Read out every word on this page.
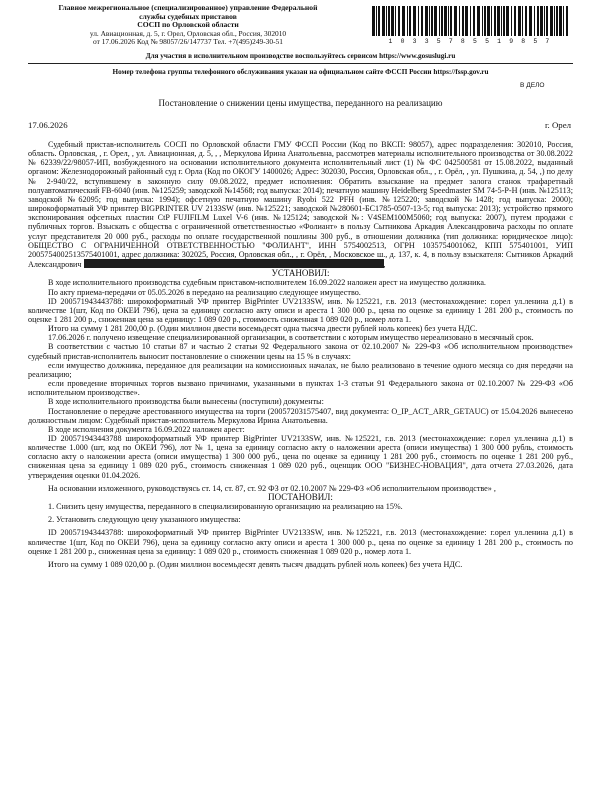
Главное межрегиональное (специализированное) управление Федеральной
службы судебных приставов
СОСП по Орловской области
ул. Авиационная, д. 5, г. Орел, Орловская обл., Россия, 302010
от 17.06.2026 Код № 98057/26/147737 Тел. +7(495)249-30-51	1 0 3 3 5 7 8 5 5 1 9 8 5 7
Для участия в исполнительном производстве воспользуйтесь сервисом https://www.gosuslugi.ru
Номер телефона группы телефонного обслуживания указан на официальном сайте ФССП России https://fssp.gov.ru
В ДЕЛО
Постановление о снижении цены имущества, переданного на реализацию
17.06.2026	г. Орел

Судебный пристав-исполнитель СОСП по Орловской области ГМУ ФССП России (Код по ВКСП: 98057), адрес подразделения: 302010, Россия, область. Орловская, , г. Орел, , ул. Авиационная, д. 5, , , Меркулова Ирина Анатольевна, рассмотрев материалы исполнительного производства от 30.08.2022 № 62339/22/98057-ИП, возбужденного на основании исполнительного документа исполнительный лист (1) № ФС 042500581 от 15.08.2022, выданный органом: Железнодорожный районный суд г. Орла (Код по ОКОГУ 1400026; Адрес: 302030, Россия, Орловская обл., , г. Орёл, , ул. Пушкина, д. 54, ,) по делу № 2-940/22, вступившему в законную силу 09.08.2022, предмет исполнения: Обратить взыскание на предмет залога станок трафаретный полуавтоматический FB-6040 (инв. №125259; заводской №14568; год выпуска: 2014); печатную машину Heidelberg Speedmaster SM 74-5-P-H (инв. №125113; заводской №62095; год выпуска: 1994); офсетную печатную машину Ryobi 522 PFH (инв. №125220; заводской №1428; год выпуска: 2000); широкоформатный УФ принтер BIGPRINTER UV 2133SW (инв. №125221; заводской №280601-БС1785-0507-13-5; год выпуска: 2013); устройство прямого экспонирования офсетных пластин CtP FUJIFILM Luxel V-6 (инв. №125124; заводской №: V4SEM100M5060; год выпуска: 2007), путем продажи с публичных торгов. Взыскать с общества с ограниченной ответственностью «Фолиант» в пользу Сытникова Аркадия Александровича расходы по оплате услуг представителя 20 000 руб., расходы по оплате государственной пошлины 300 руб., в отношении должника (тип должника: юридическое лицо): ОБЩЕСТВО С ОГРАНИЧЕННОЙ ОТВЕТСТВЕННОСТЬЮ "ФОЛИАНТ", ИНН 5754002513, ОГРН 1035754001062, КПП 575401001, УИП 2005754002513575401001, адрес должника: 302025, Россия, Орловская обл., , г. Орёл, , Московское ш., д. 137, к. 4, в пользу взыскателя: Сытников Аркадий Александрович	,

УСТАНОВИЛ:

В ходе исполнительного производства судебным приставом-исполнителем 16.09.2022 наложен арест на имущество должника.

По акту приема-передачи от 05.05.2026 в передано на реализацию следующее имущество.

ID 200571943443788: широкоформатный УФ принтер BigPrinter UV2133SW, инв. №125221, г.в. 2013 (местонахождение: г.орел ул.ленина д.1) в количестве 1(шт, Код по ОКЕИ 796), цена за единицу согласно акту описи и ареста 1 300 000 р., цена по оценке за единицу 1 281 200 р., стоимость по оценке 1 281 200 р., сниженная цена за единицу: 1 089 020 р., стоимость сниженная 1 089 020 р., номер лота 1.

Итого на сумму 1 281 200,00 р. (Один миллион двести восемьдесят одна тысяча двести рублей ноль копеек) без учета НДС.

17.06.2026 г. получено извещение специализированной организации, в соответствии с которым имущество нереализовано в месячный срок.

В соответствии с частью 10 статьи 87 и частью 2 статьи 92 Федерального закона от 02.10.2007 № 229-ФЗ «Об исполнительном производстве» судебный пристав-исполнитель выносит постановление о снижении цены на 15 % в случаях:

если имущество должника, переданное для реализации на комиссионных началах, не было реализовано в течение одного месяца со дня передачи на реализацию;

если проведение вторичных торгов вызвано причинами, указанными в пунктах 1-3 статьи 91 Федерального закона от 02.10.2007 № 229-ФЗ «Об исполнительном производстве».

В ходе исполнительного производства были вынесены (поступили) документы:

Постановление о передаче арестованного имущества на торги (200572031575407, вид документа: O_IP_ACT_ARR_GETAUC) от 15.04.2026 вынесено должностным лицом: Судебный пристав-исполнитель Меркулова Ирина Анатольевна.

В ходе исполнения документа 16.09.2022 наложен арест:

ID 200571943443788 широкоформатный УФ принтер BigPrinter UV2133SW, инв. №125221, г.в. 2013 (местонахождение: г.орел ул.ленина д.1) в количестве 1.000 (шт, код по ОКЕИ 796), лот № 1, цена за единицу согласно акту о наложении ареста (описи имущества) 1 300 000 рубль, стоимость согласно акту о наложении ареста (описи имущества) 1 300 000 руб., цена по оценке за единицу 1 281 200 руб., стоимость по оценке 1 281 200 руб., сниженная цена за единицу 1 089 020 руб., стоимость сниженная 1 089 020 руб., оценщик ООО "БИЗНЕС-НОВАЦИЯ", дата отчета 27.03.2026, дата утверждения оценки 01.04.2026.

На основании изложенного, руководствуясь ст. 14, ст. 87, ст. 92 ФЗ от 02.10.2007 № 229-ФЗ «Об исполнительном производстве» ,

ПОСТАНОВИЛ:

1. Снизить цену имущества, переданного в специализированную организацию на реализацию на 15%.

2. Установить следующую цену указанного имущества:

ID 200571943443788: широкоформатный УФ принтер BigPrinter UV2133SW, инв. №125221, г.в. 2013 (местонахождение: г.орел ул.ленина д.1) в количестве 1(шт, Код по ОКЕИ 796), цена за единицу согласно акту описи и ареста 1 300 000 р., цена по оценке за единицу 1 281 200 р., стоимость по оценке 1 281 200 р., сниженная цена за единицу: 1 089 020 р., стоимость сниженная 1 089 020 р., номер лота 1.

Итого на сумму 1 089 020,00 р. (Один миллион восемьдесят девять тысяч двадцать рублей ноль копеек) без учета НДС.
